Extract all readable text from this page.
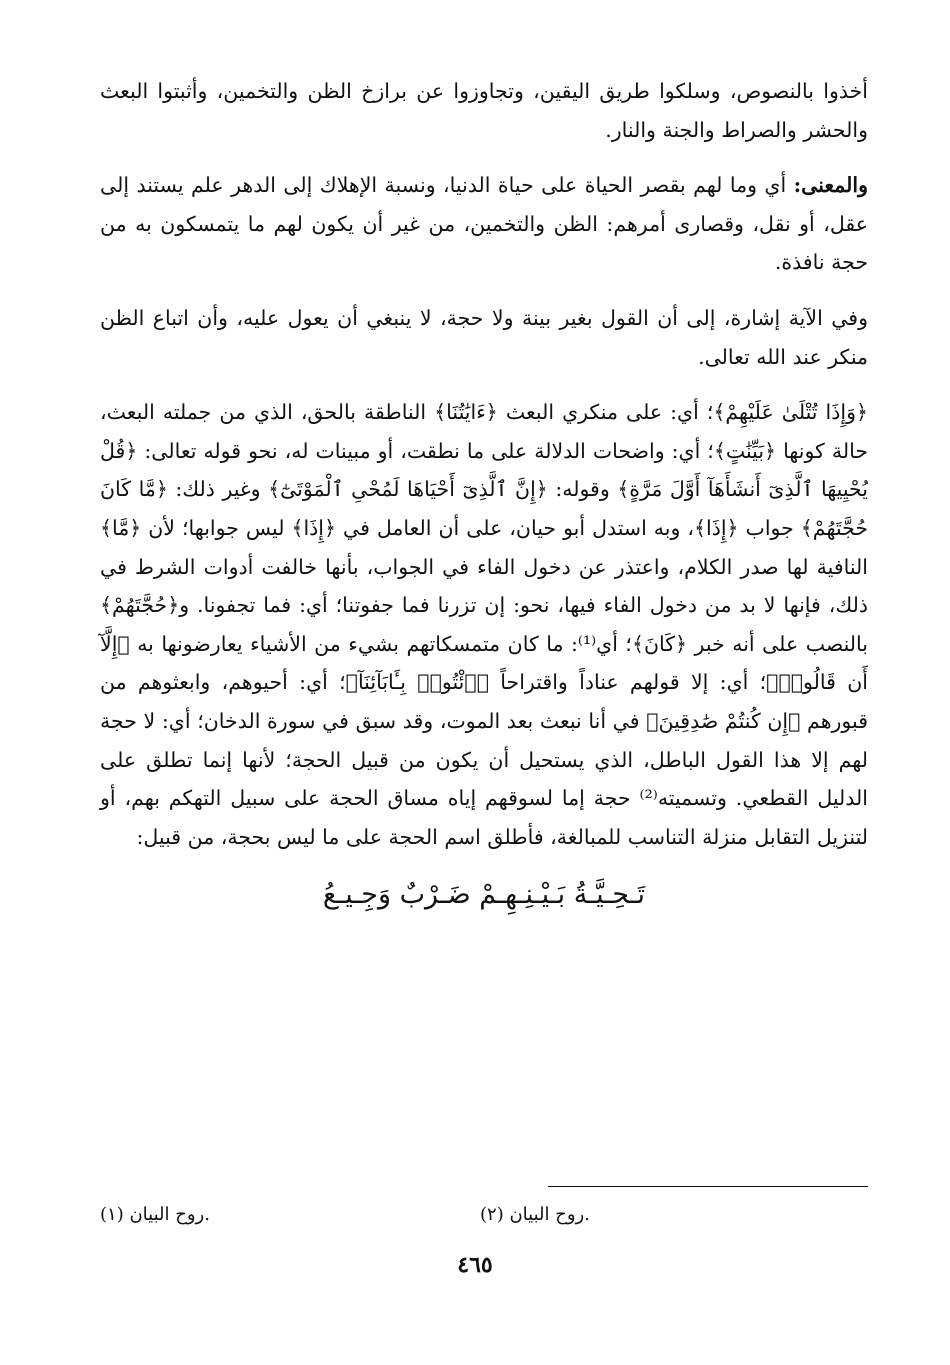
أخذوا بالنصوص، وسلكوا طريق اليقين، وتجاوزوا عن برازخ الظن والتخمين، وأثبتوا البعث والحشر والصراط والجنة والنار.

والمعنى: أي وما لهم بقصر الحياة على حياة الدنيا، ونسبة الإهلاك إلى الدهر علم يستند إلى عقل، أو نقل، وقصارى أمرهم: الظن والتخمين، من غير أن يكون لهم ما يتمسكون به من حجة نافذة.

وفي الآية إشارة، إلى أن القول بغير بينة ولا حجة، لا ينبغي أن يعول عليه، وأن اتباع الظن منكر عند الله تعالى.

﴿وَإِذَا تُتْلَىٰ عَلَيْهِمْ﴾؛ أي: على منكري البعث ﴿ءَايَٰتُنَا﴾ الناطقة بالحق، الذي من جملته البعث، حالة كونها ﴿بَيِّنَٰتٍ﴾؛ أي: واضحات الدلالة على ما نطقت، أو مبينات له، نحو قوله تعالى: ﴿قُلْ يُحْيِيهَا ٱلَّذِىٓ أَنشَأَهَآ أَوَّلَ مَرَّةٍ﴾ وقوله: ﴿إِنَّ ٱلَّذِىٓ أَحْيَاهَا لَمُحْىِ ٱلْمَوْتَىٰٓ﴾ وغير ذلك: ﴿مَّا كَانَ حُجَّتَهُمْ﴾ جواب ﴿إِذَا﴾، وبه استدل أبو حيان، على أن العامل في ﴿إِذَا﴾ ليس جوابها؛ لأن ﴿مَّا﴾ النافية لها صدر الكلام، واعتذر عن دخول الفاء في الجواب، بأنها خالفت أدوات الشرط في ذلك، فإنها لا بد من دخول الفاء فيها، نحو: إن تزرنا فما جفوتنا؛ أي: فما تجفونا. و﴿حُجَّتَهُمْ﴾ بالنصب على أنه خبر ﴿كَانَ﴾؛ أي⁽¹⁾: ما كان متمسكاتهم بشيء من الأشياء يعارضونها به ﴿إِلَّآ أَن قَالُوا۟﴾؛ أي: إلا قولهم عناداً واقتراحاً ﴿ٱئْتُوا۟ بِـَٔابَآئِنَآ﴾؛ أي: أحيوهم، وابعثوهم من قبورهم ﴿إِن كُنتُمْ صَٰدِقِينَ﴾ في أنا نبعث بعد الموت، وقد سبق في سورة الدخان؛ أي: لا حجة لهم إلا هذا القول الباطل، الذي يستحيل أن يكون من قبيل الحجة؛ لأنها إنما تطلق على الدليل القطعي. وتسميته⁽²⁾ حجة إما لسوقهم إياه مساق الحجة على سبيل التهكم بهم، أو لتنزيل التقابل منزلة التناسب للمبالغة، فأطلق اسم الحجة على ما ليس بحجة، من قبيل:

تَـحِـيَّـةُ بَـيْـنِـهِـمْ ضَـرْبٌ وَجِـيـعُ

(١) روح البيان.	(٢) روح البيان.
٤٦٥
